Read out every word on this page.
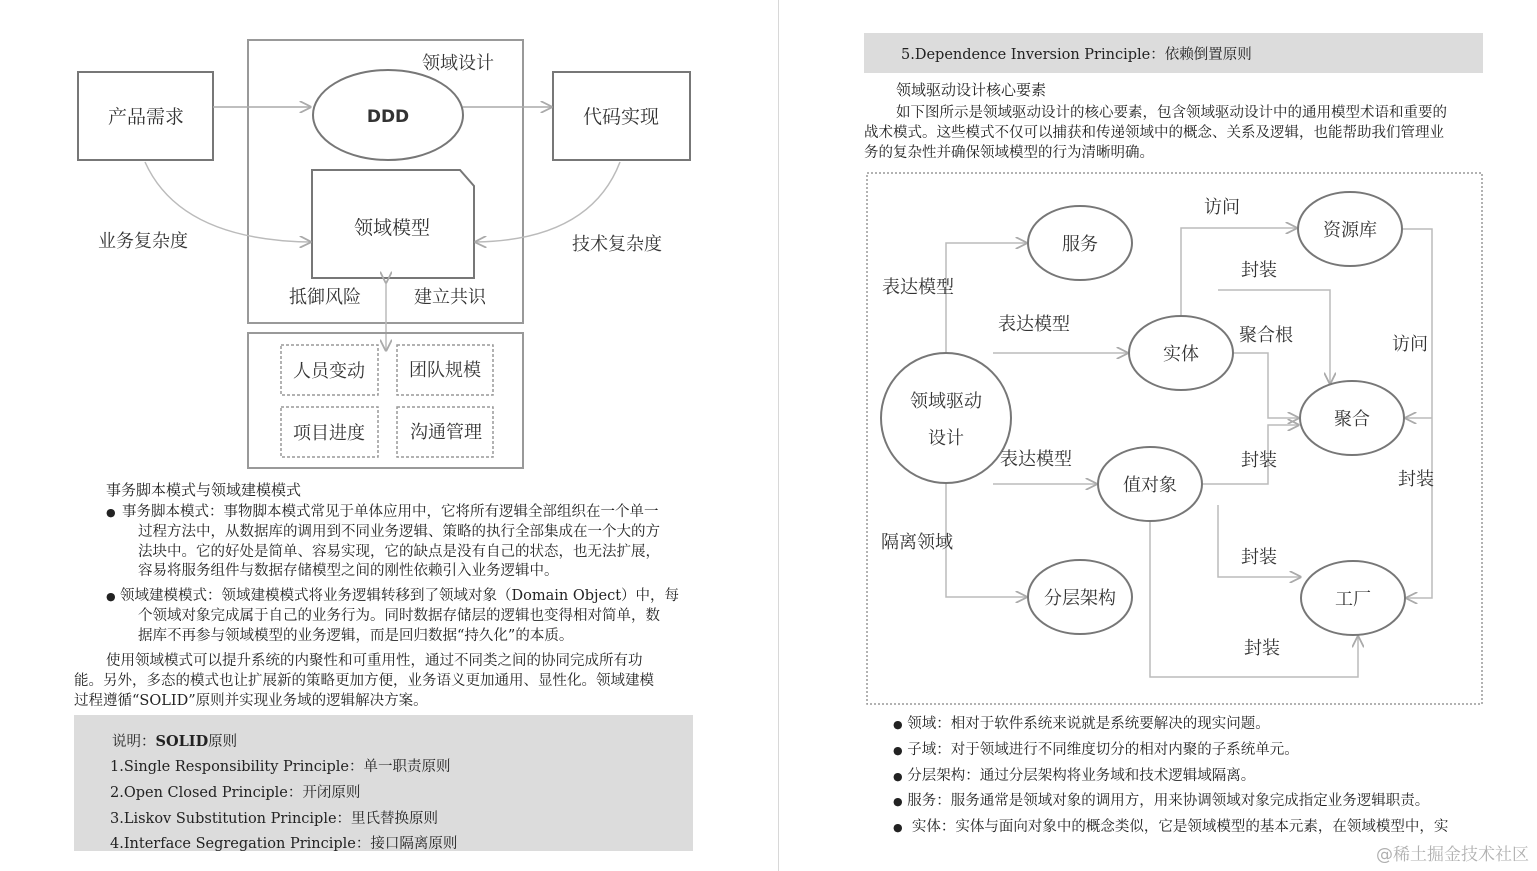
产品需求
领域设计
DDD	代码实现
领域模型
业务复杂度	技术复杂度
抵御风险	建立共识
人员变动 团队规模
项目进度	沟通管理
事务脚本模式与领域建模模式
● 事务脚本模式：事物脚本模式常见于单体应用中，它将所有逻辑全部组织在一个单一
过程方法中，从数据库的调用到不同业务逻辑、策略的执行全部集成在一个大的方
法块中。它的好处是简单、容易实现，它的缺点是没有自己的状态，也无法扩展，
容易将服务组件与数据存储模型之间的刚性依赖引入业务逻辑中。
● 领域建模模式：领域建模模式将业务逻辑转移到了领域对象（Domain Object）中，每
个领域对象完成属于自己的业务行为。同时数据存储层的逻辑也变得相对简单，数
据库不再参与领域模型的业务逻辑，而是回归数据“持久化”的本质。
使用领域模式可以提升系统的内聚性和可重用性，通过不同类之间的协同完成所有功
能。另外，多态的模式也让扩展新的策略更加方便，业务语义更加通用、显性化。领域建模
过程遵循“SOLID”原则并实现业务域的逻辑解决方案。
说明：SOLID原则
1.Single Responsibility Principle：单一职责原则
2.Open Closed Principle：开闭原则
3.Liskov Substitution Principle：里氏替换原则
4.Interface Segregation Principle：接口隔离原则
5.Dependence Inversion Principle：依赖倒置原则
领域驱动设计核心要素
如下图所示是领域驱动设计的核心要素，包含领域驱动设计中的通用模型术语和重要的
战术模式。这些模式不仅可以捕获和传递领域中的概念、关系及逻辑，也能帮助我们管理业
务的复杂性并确保领域模型的行为清晰明确。
领域驱动
设计
服务
资源库
实体
聚合
值对象
分层架构	工厂
访问
封装
表达模型
表达模型
聚合根	访问
表达模型	封装
封装
隔离领域
封装
封装
● 领域：相对于软件系统来说就是系统要解决的现实问题。
● 子域：对于领域进行不同维度切分的相对内聚的子系统单元。
● 分层架构：通过分层架构将业务域和技术逻辑域隔离。
● 服务：服务通常是领域对象的调用方，用来协调领域对象完成指定业务逻辑职责。
● 实体：实体与面向对象中的概念类似，它是领域模型的基本元素，在领域模型中，实
@稀土掘金技术社区
